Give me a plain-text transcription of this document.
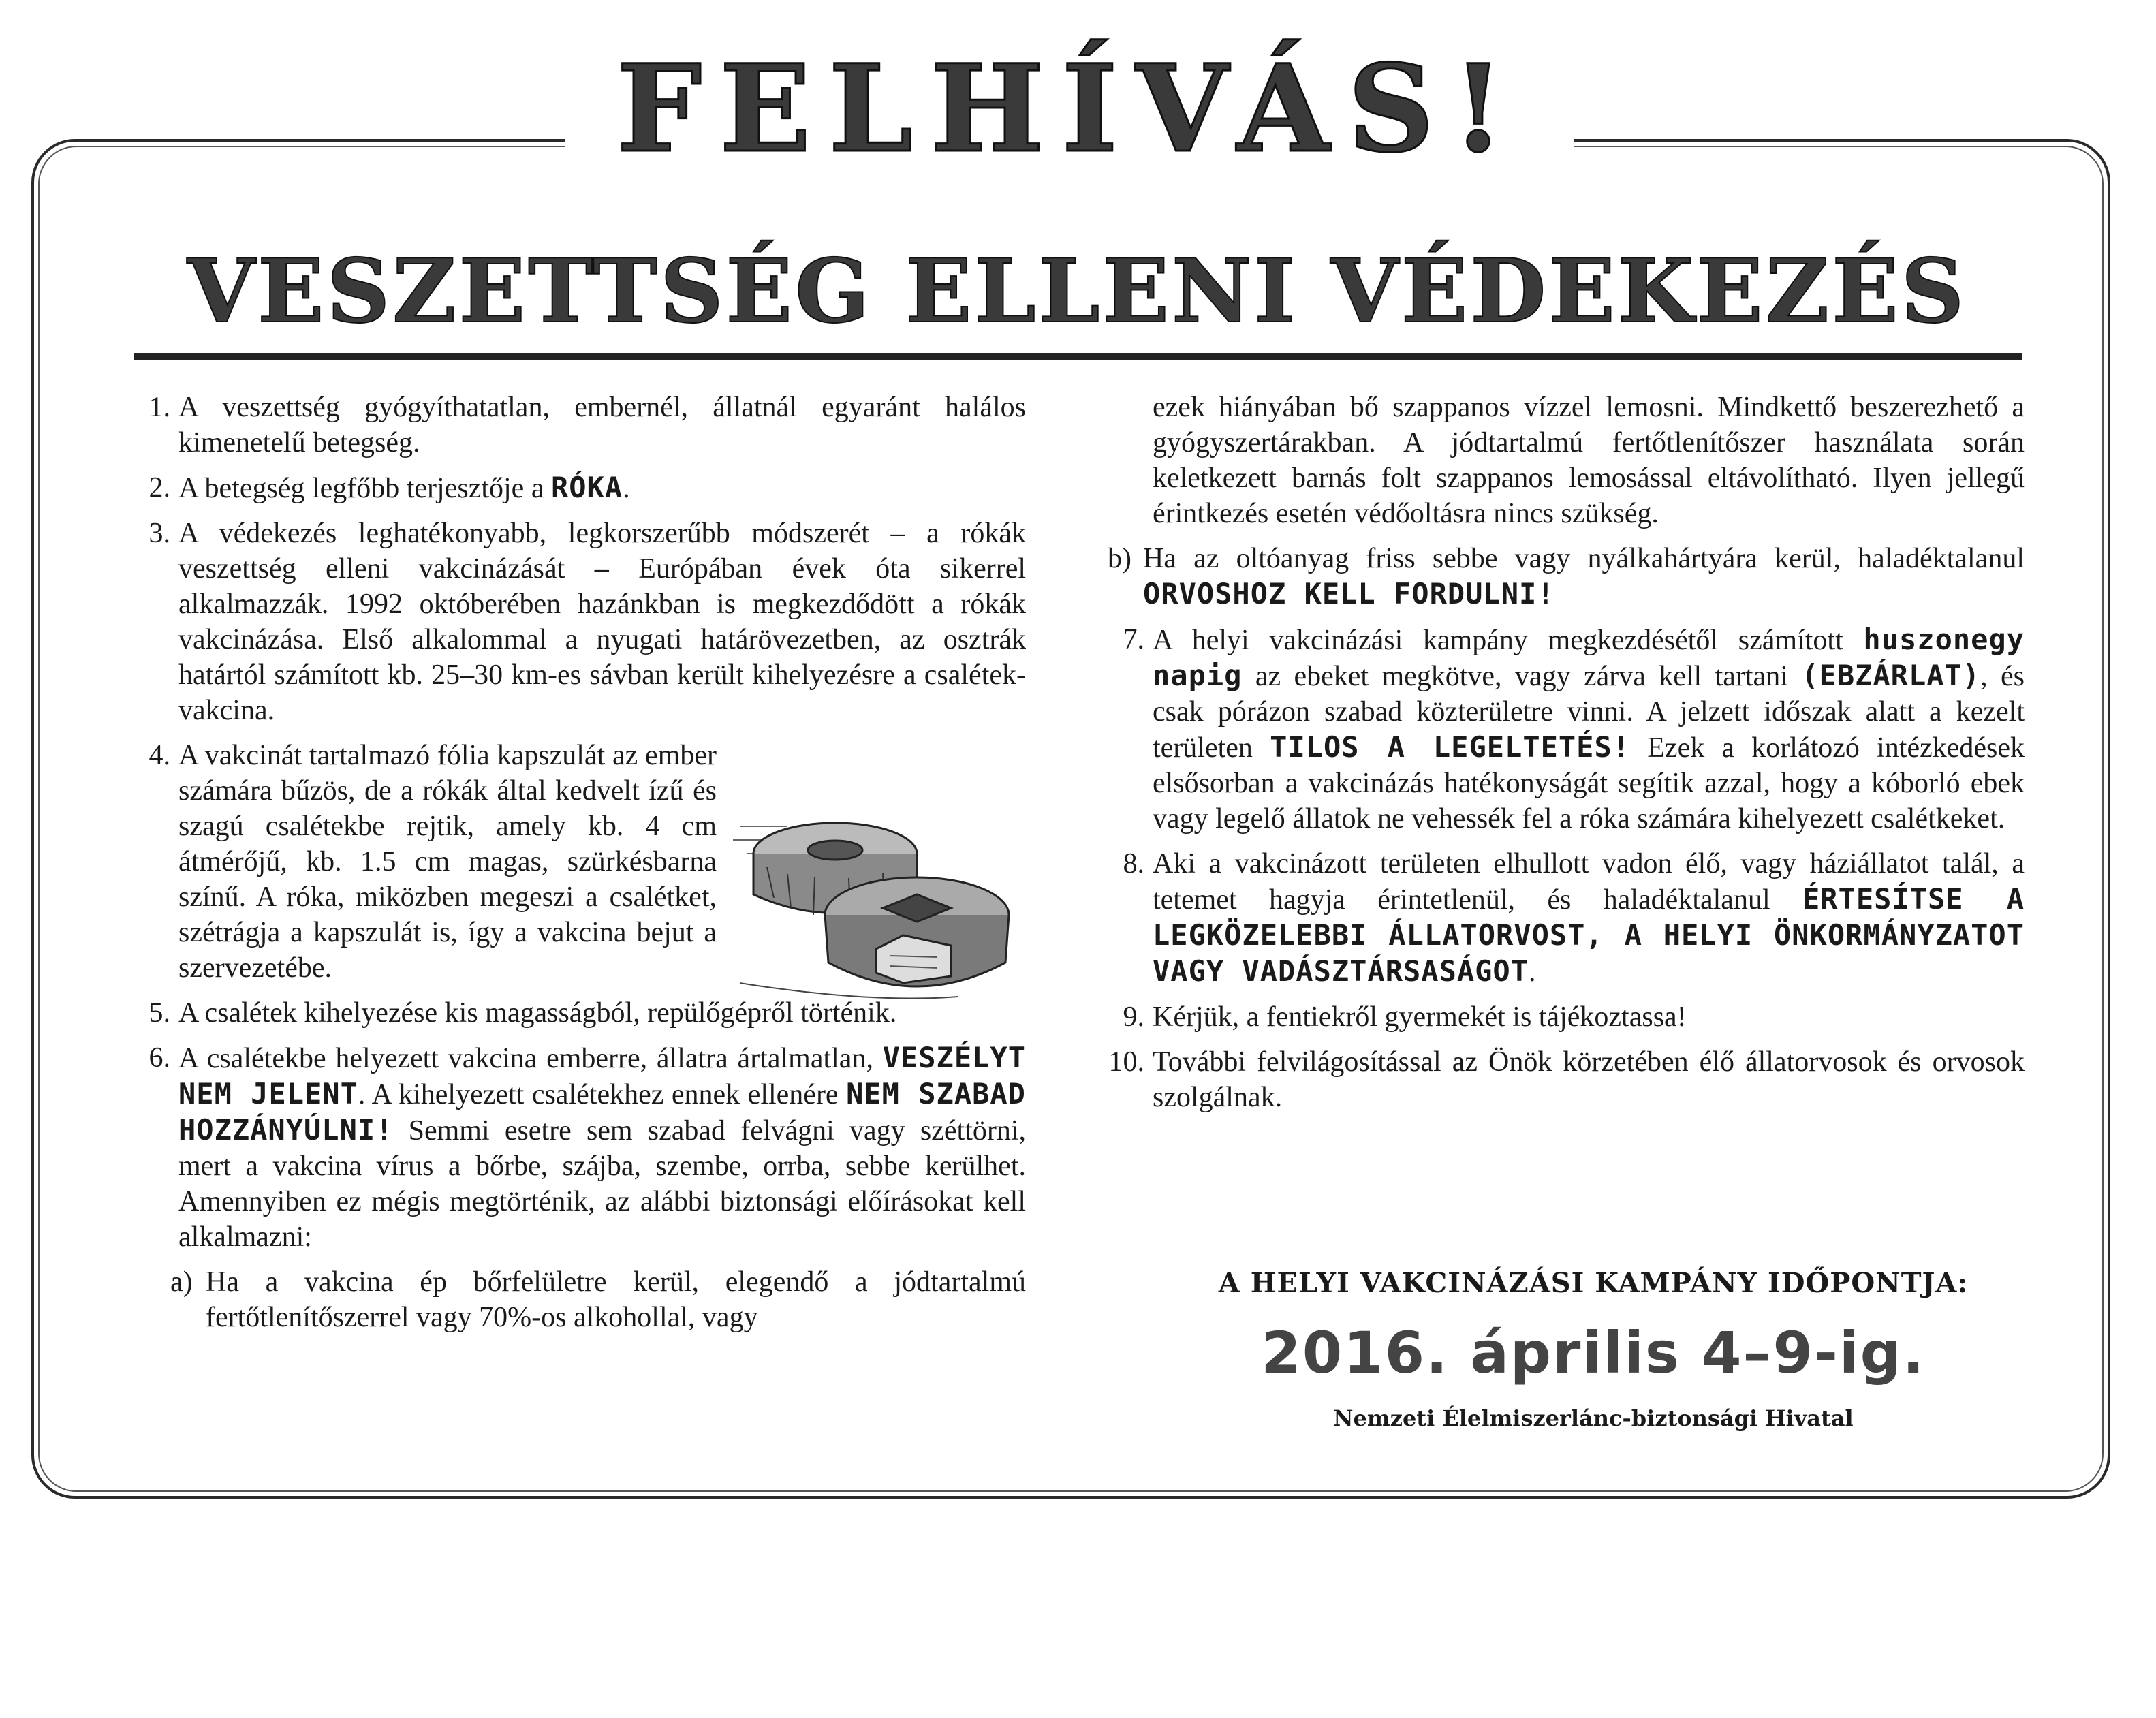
FELHÍVÁS!
VESZETTSÉG ELLENI VÉDEKEZÉS
1. A veszettség gyógyíthatatlan, embernél, állatnál egyaránt halálos kimenetelű betegség.
2. A betegség legfőbb terjesztője a RÓKA.
3. A védekezés leghatékonyabb, legkorszerűbb módszerét – a rókák veszettség elleni vakcinázását – Európában évek óta sikerrel alkalmazzák. 1992 októberében hazánkban is megkezdődött a rókák vakcinázása. Első alkalommal a nyugati határövezetben, az osztrák határtól számított kb. 25–30 km-es sávban került kihelyezésre a csalétek-vakcina.
4. A vakcinát tartalmazó fólia kapszulát az ember számára bűzös, de a rókák által kedvelt ízű és szagú csalétekbe rejtik, amely kb. 4 cm átmérőjű, kb. 1.5 cm magas, szürkésbarna színű. A róka, miközben megeszi a csalétket, szétrágja a kapszulát is, így a vakcina bejut a szervezetébe.
5. A csalétek kihelyezése kis magasságból, repülőgépről történik.
6. A csalétekbe helyezett vakcina emberre, állatra ártalmatlan, VESZÉLYT NEM JELENT. A kihelyezett csalétekhez ennek ellenére NEM SZABAD HOZZÁNYÚLNI! Semmi esetre sem szabad felvágni vagy széttörni, mert a vakcina vírus a bőrbe, szájba, szembe, orrba, sebbe kerülhet. Amennyiben ez mégis megtörténik, az alábbi biztonsági előírásokat kell alkalmazni:
a) Ha a vakcina ép bőrfelületre kerül, elegendő a jódtartalmú fertőtlenítőszerrel vagy 70%-os alkohollal, vagy
ezek hiányában bő szappanos vízzel lemosni. Mindkettő beszerezhető a gyógyszertárakban. A jódtartalmú fertőtlenítőszer használata során keletkezett barnás folt szappanos lemosással eltávolítható. Ilyen jellegű érintkezés esetén védőoltásra nincs szükség.
b) Ha az oltóanyag friss sebbe vagy nyálkahártyára kerül, haladéktalanul ORVOSHOZ KELL FORDULNI!
7. A helyi vakcinázási kampány megkezdésétől számított huszonegy napig az ebeket megkötve, vagy zárva kell tartani (EBZÁRLAT), és csak pórázon szabad közterületre vinni. A jelzett időszak alatt a kezelt területen TILOS A LEGELTETÉS! Ezek a korlátozó intézkedések elsősorban a vakcinázás hatékonyságát segítik azzal, hogy a kóborló ebek vagy legelő állatok ne vehessék fel a róka számára kihelyezett csalétkeket.
8. Aki a vakcinázott területen elhullott vadon élő, vagy háziállatot talál, a tetemet hagyja érintetlenül, és haladéktalanul ÉRTESÍTSE A LEGKÖZELEBBI ÁLLATORVOST, A HELYI ÖNKORMÁNYZATOT VAGY VADÁSZTÁRSASÁGOT.
9. Kérjük, a fentiekről gyermekét is tájékoztassa!
10. További felvilágosítással az Önök körzetében élő állatorvosok és orvosok szolgálnak.
A HELYI VAKCINÁZÁSI KAMPÁNY IDŐPONTJA:
2016. április 4–9-ig.
Nemzeti Élelmiszerlánc-biztonsági Hivatal
